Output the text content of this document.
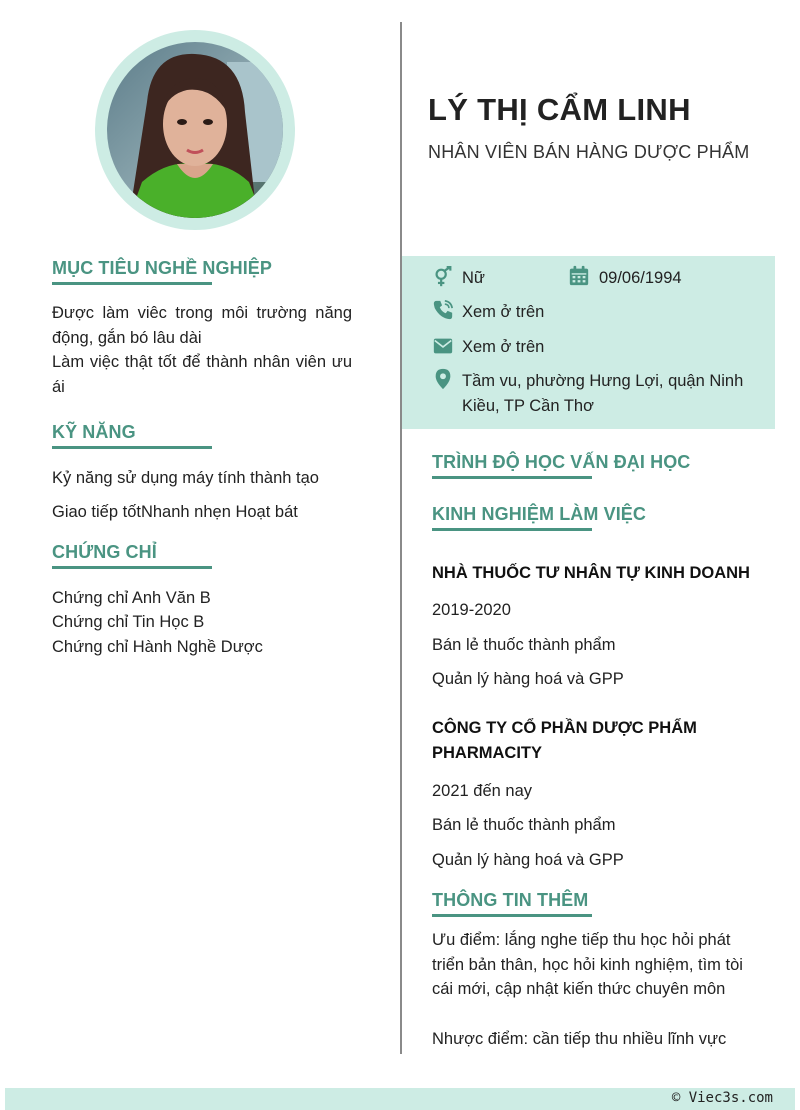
MỤC TIÊU NGHỀ NGHIỆP
Được làm viêc trong môi trường năng động, gắn bó lâu dài
Làm việc thật tốt để thành nhân viên ưu ái
KỸ NĂNG
Kỷ năng sử dụng máy tính thành tạo
Giao tiếp tốtNhanh nhẹn Hoạt bát
CHỨNG CHỈ
Chứng chỉ Anh Văn B
Chứng chỉ Tin Học B
Chứng chỉ Hành Nghề Dược
LÝ THỊ CẨM LINH
NHÂN VIÊN BÁN HÀNG DƯỢC PHẨM
Nữ	09/06/1994
Xem ở trên
Xem ở trên
Tầm vu, phường Hưng Lợi, quận Ninh Kiều, TP Cần Thơ
TRÌNH ĐỘ HỌC VẤN ĐẠI HỌC
KINH NGHIỆM LÀM VIỆC
NHÀ THUỐC TƯ NHÂN TỰ KINH DOANH
2019-2020
Bán lẻ thuốc thành phẩm
Quản lý hàng hoá và GPP
CÔNG TY CỔ PHẦN DƯỢC PHẨM PHARMACITY
2021 đến nay
Bán lẻ thuốc thành phẩm
Quản lý hàng hoá và GPP
THÔNG TIN THÊM
Ưu điểm: lắng nghe tiếp thu học hỏi phát triển bản thân, học hỏi kinh nghiệm, tìm tòi cái mới, cập nhật kiến thức chuyên môn
Nhược điểm: cần tiếp thu nhiều lĩnh vực
© Viec3s.com
